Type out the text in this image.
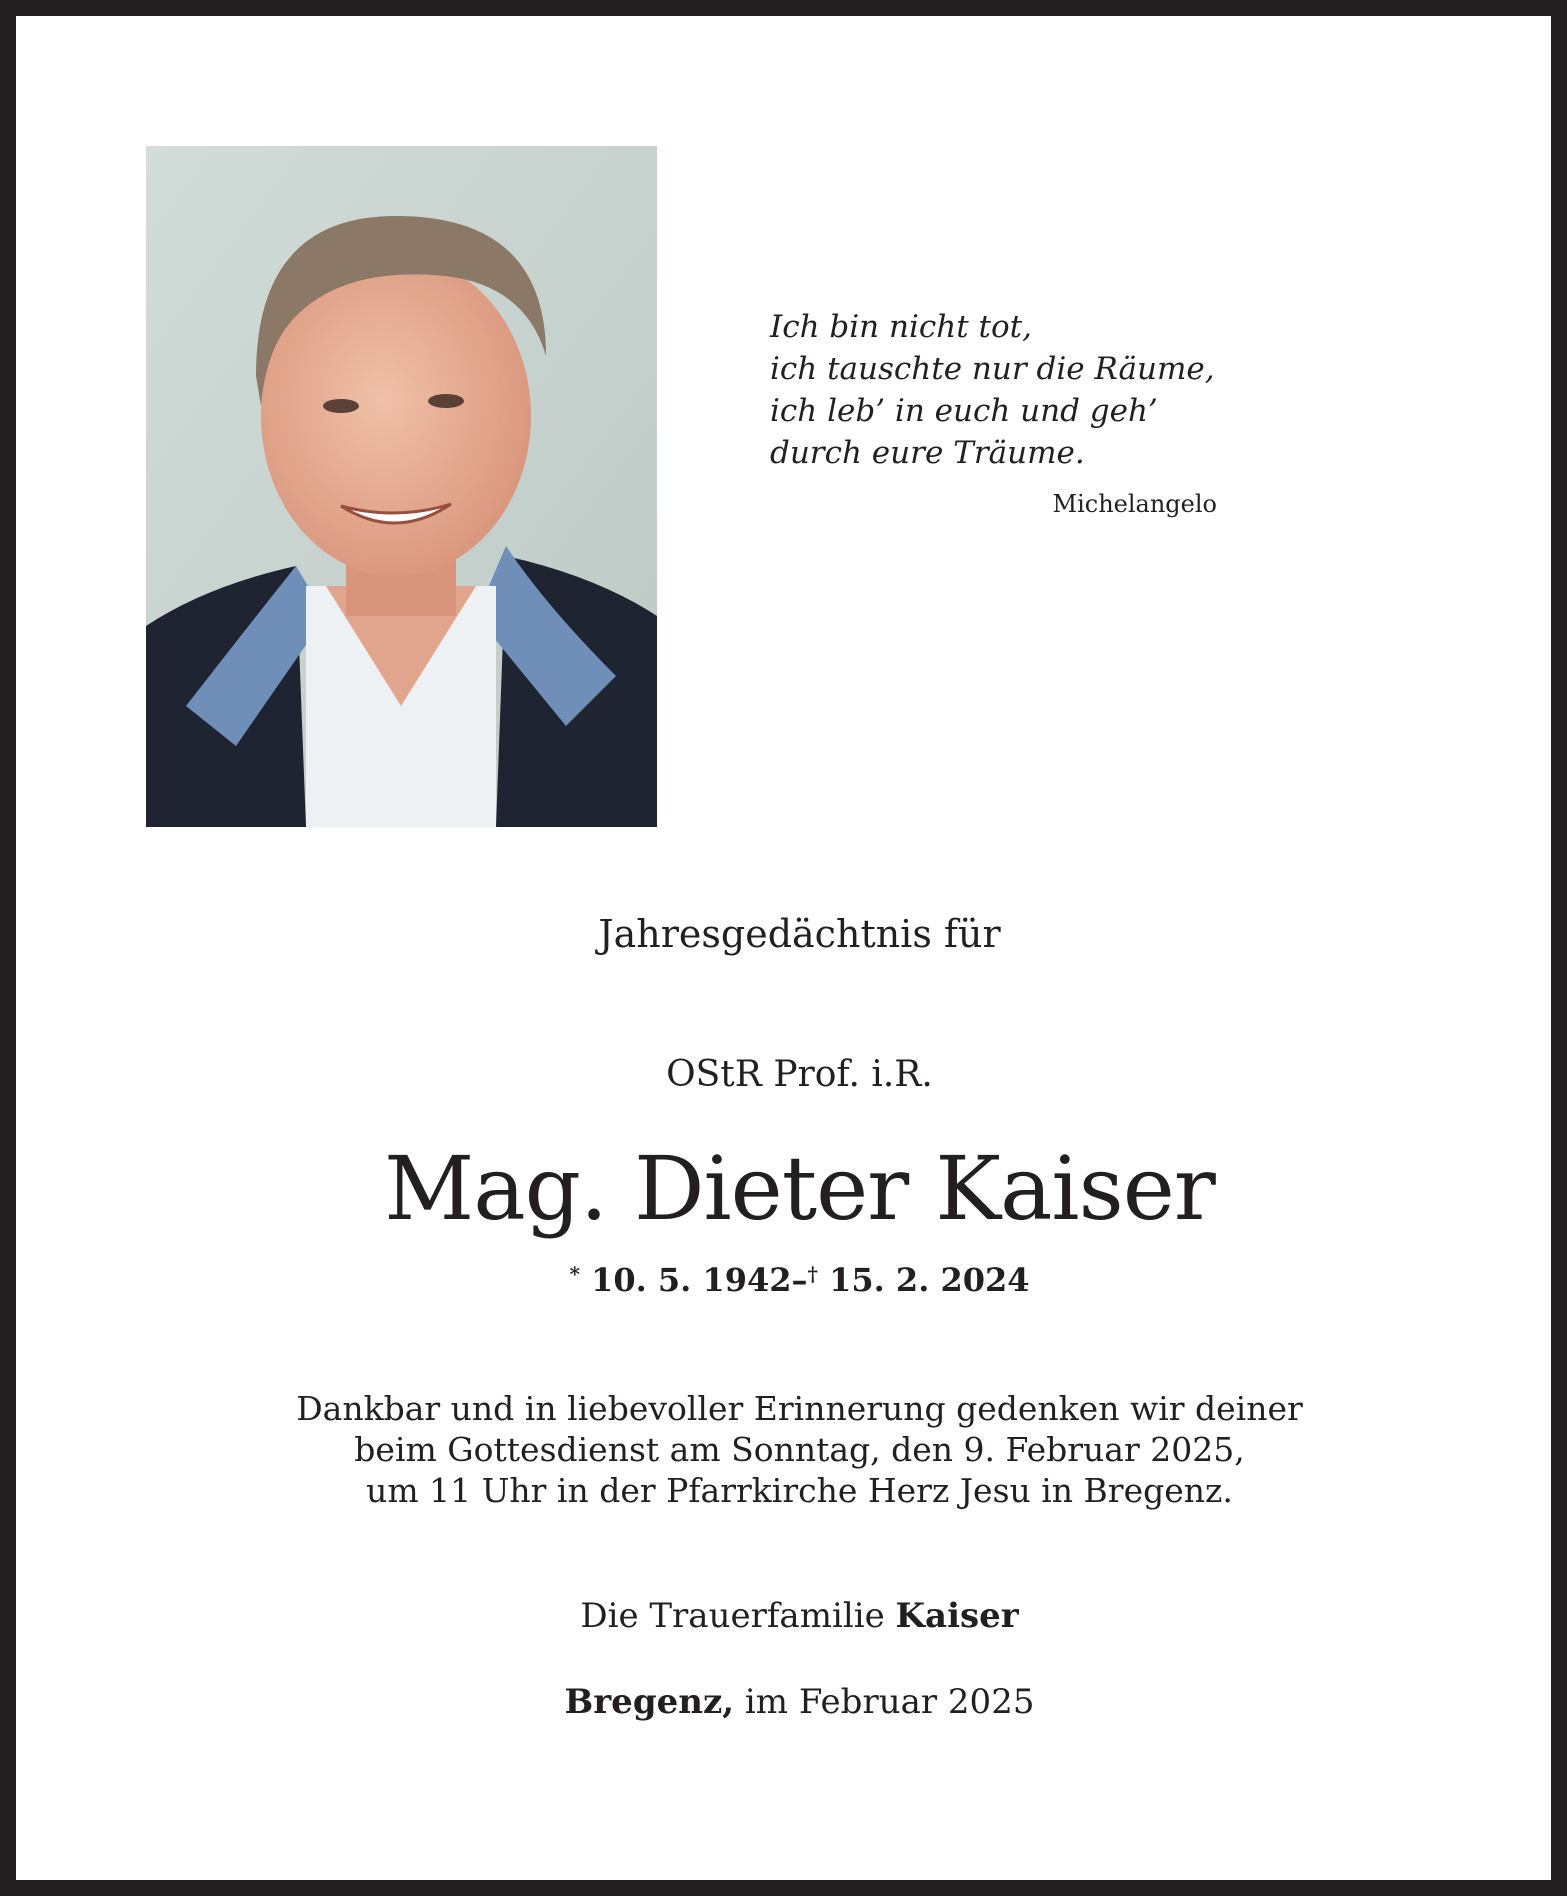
Ich bin nicht tot,
ich tauschte nur die Räume,
ich leb’ in euch und geh’
durch eure Träume.
Michelangelo
Jahresgedächtnis für
OStR Prof. i.R.
Mag. Dieter Kaiser
* 10. 5. 1942–† 15. 2. 2024
Dankbar und in liebevoller Erinnerung gedenken wir deiner
beim Gottesdienst am Sonntag, den 9. Februar 2025,
um 11 Uhr in der Pfarrkirche Herz Jesu in Bregenz.
Die Trauerfamilie Kaiser
Bregenz, im Februar 2025
